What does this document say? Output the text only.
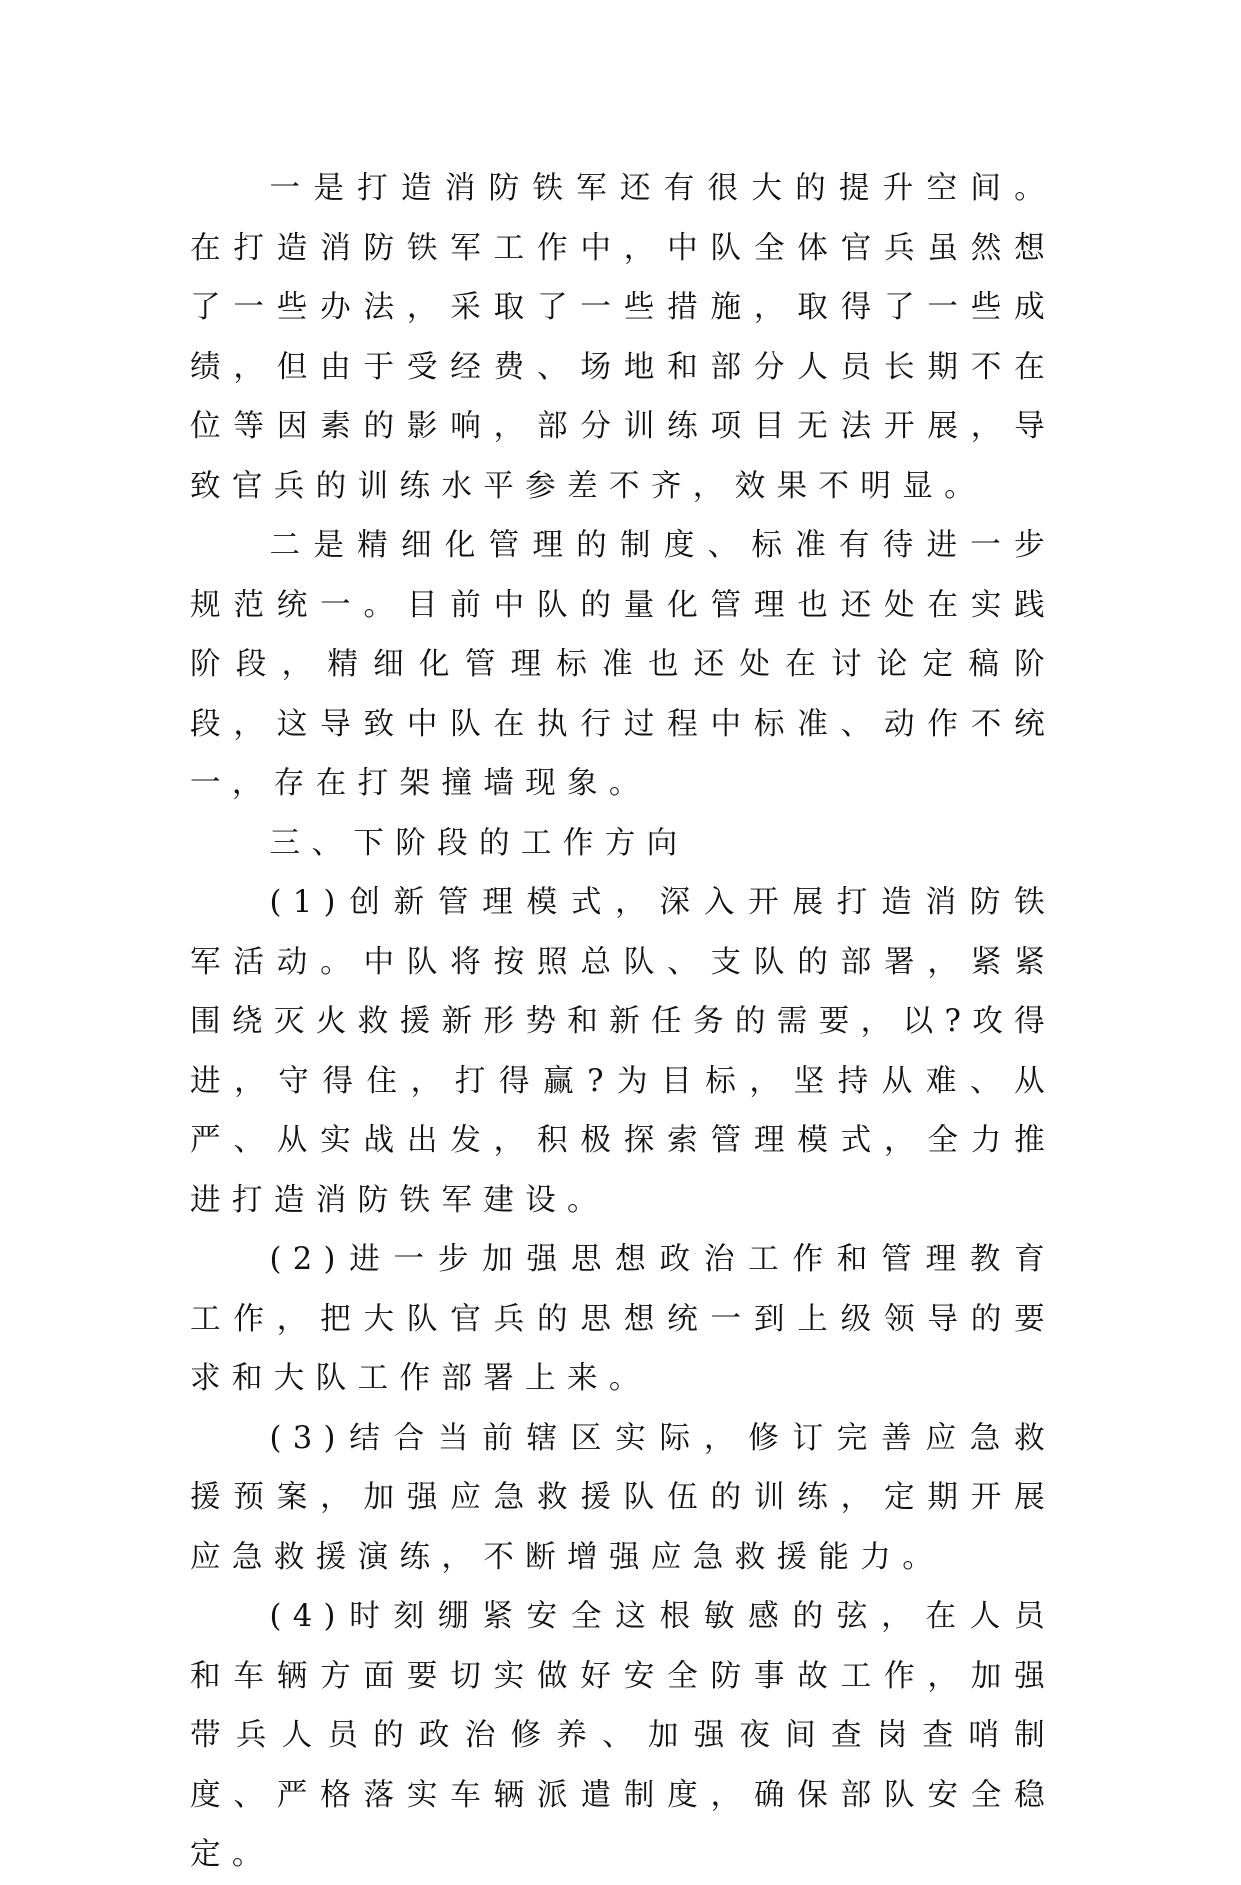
一是打造消防铁军还有很大的提升空间。在打造消防铁军工作中，中队全体官兵虽然想了一些办法，采取了一些措施，取得了一些成绩，但由于受经费、场地和部分人员长期不在位等因素的影响，部分训练项目无法开展，导致官兵的训练水平参差不齐，效果不明显。

二是精细化管理的制度、标准有待进一步规范统一。目前中队的量化管理也还处在实践阶段，精细化管理标准也还处在讨论定稿阶段，这导致中队在执行过程中标准、动作不统一，存在打架撞墙现象。

三、下阶段的工作方向

(1)创新管理模式，深入开展打造消防铁军活动。中队将按照总队、支队的部署，紧紧围绕灭火救援新形势和新任务的需要，以?攻得进，守得住，打得赢?为目标，坚持从难、从严、从实战出发，积极探索管理模式，全力推进打造消防铁军建设。

(2)进一步加强思想政治工作和管理教育工作，把大队官兵的思想统一到上级领导的要求和大队工作部署上来。

(3)结合当前辖区实际，修订完善应急救援预案，加强应急救援队伍的训练，定期开展应急救援演练，不断增强应急救援能力。

(4)时刻绷紧安全这根敏感的弦，在人员和车辆方面要切实做好安全防事故工作，加强带兵人员的政治修养、加强夜间查岗查哨制度、严格落实车辆派遣制度，确保部队安全稳定。
